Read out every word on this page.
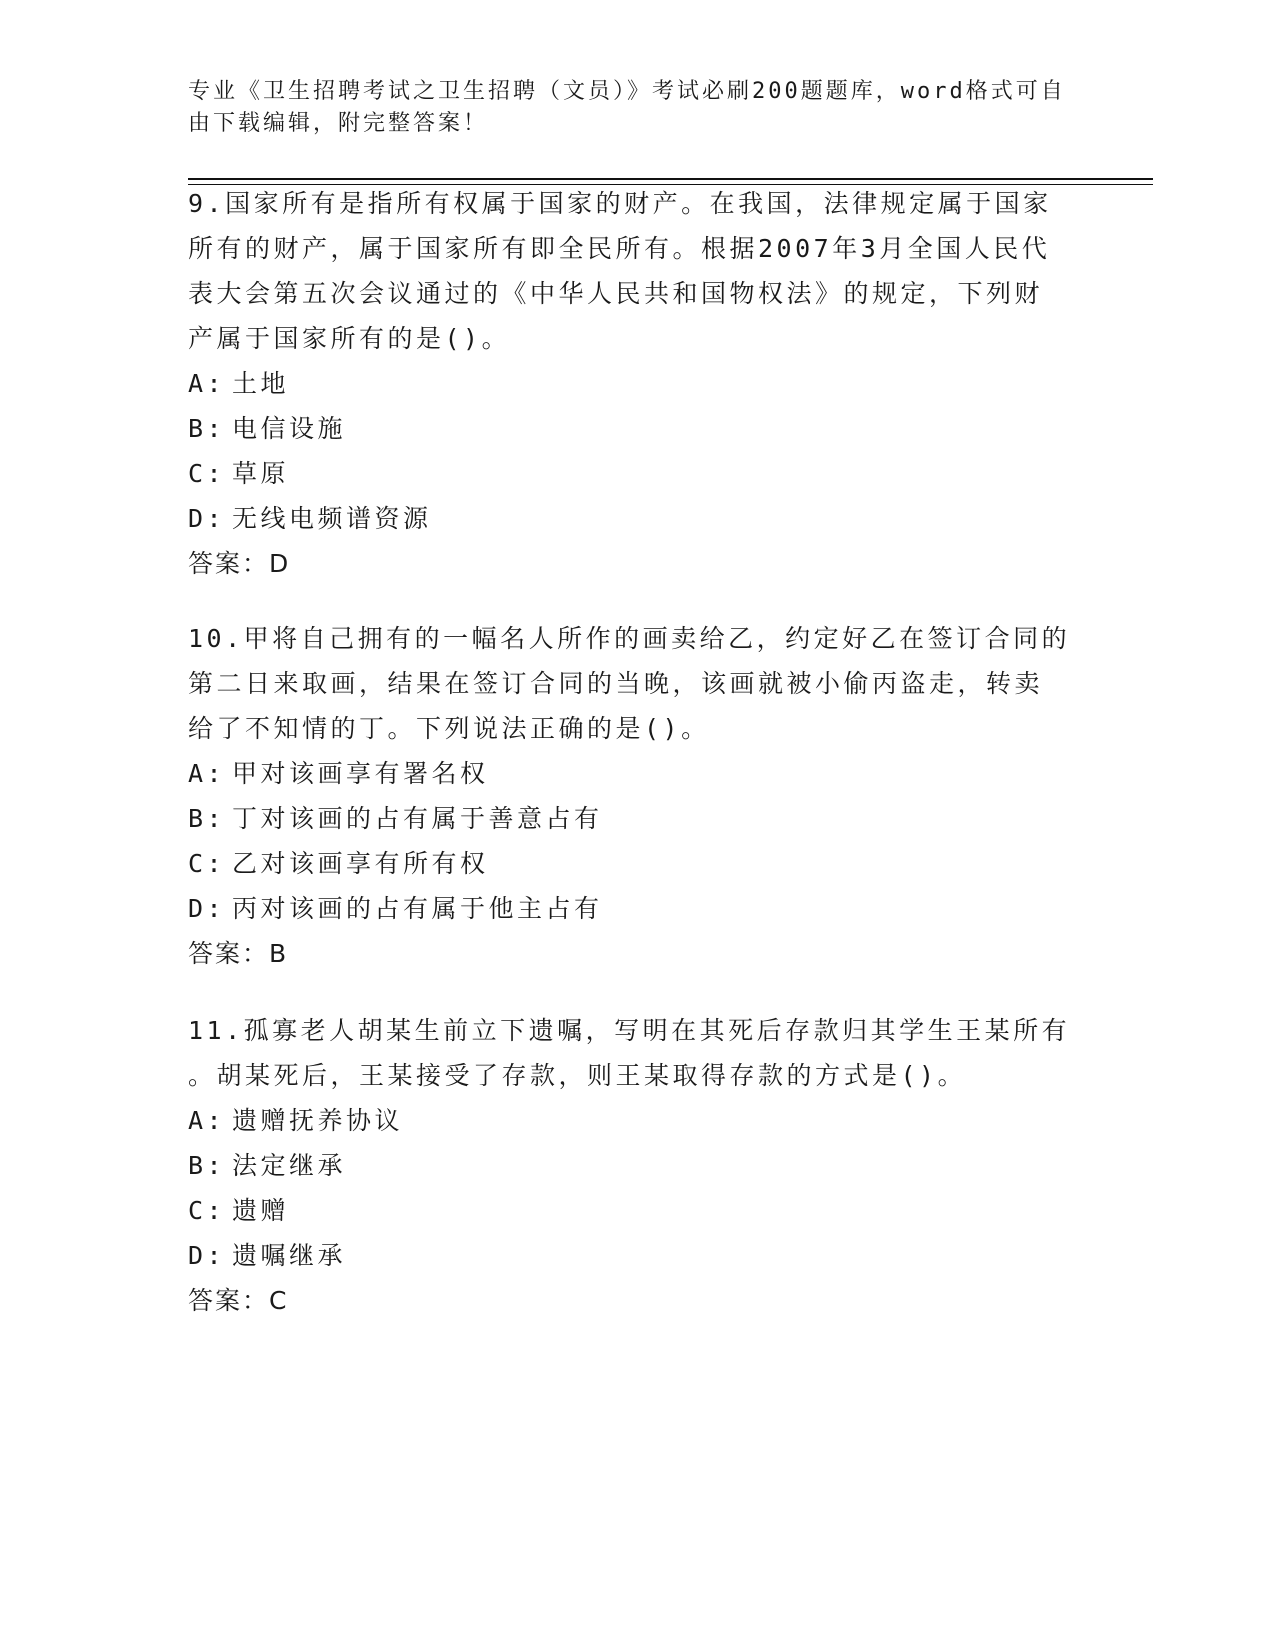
专业《卫生招聘考试之卫生招聘（文员）》考试必刷200题题库，word格式可自
由下载编辑，附完整答案！

9.国家所有是指所有权属于国家的财产。在我国，法律规定属于国家

所有的财产，属于国家所有即全民所有。根据2007年3月全国人民代

表大会第五次会议通过的《中华人民共和国物权法》的规定，下列财

产属于国家所有的是()。

A: 土地

B: 电信设施

C: 草原

D: 无线电频谱资源

答案：D

10.甲将自己拥有的一幅名人所作的画卖给乙，约定好乙在签订合同的

第二日来取画，结果在签订合同的当晚，该画就被小偷丙盗走，转卖

给了不知情的丁。下列说法正确的是()。

A: 甲对该画享有署名权

B: 丁对该画的占有属于善意占有

C: 乙对该画享有所有权

D: 丙对该画的占有属于他主占有

答案：B

11.孤寡老人胡某生前立下遗嘱，写明在其死后存款归其学生王某所有

。胡某死后，王某接受了存款，则王某取得存款的方式是()。

A: 遗赠抚养协议

B: 法定继承

C: 遗赠

D: 遗嘱继承

答案：C
